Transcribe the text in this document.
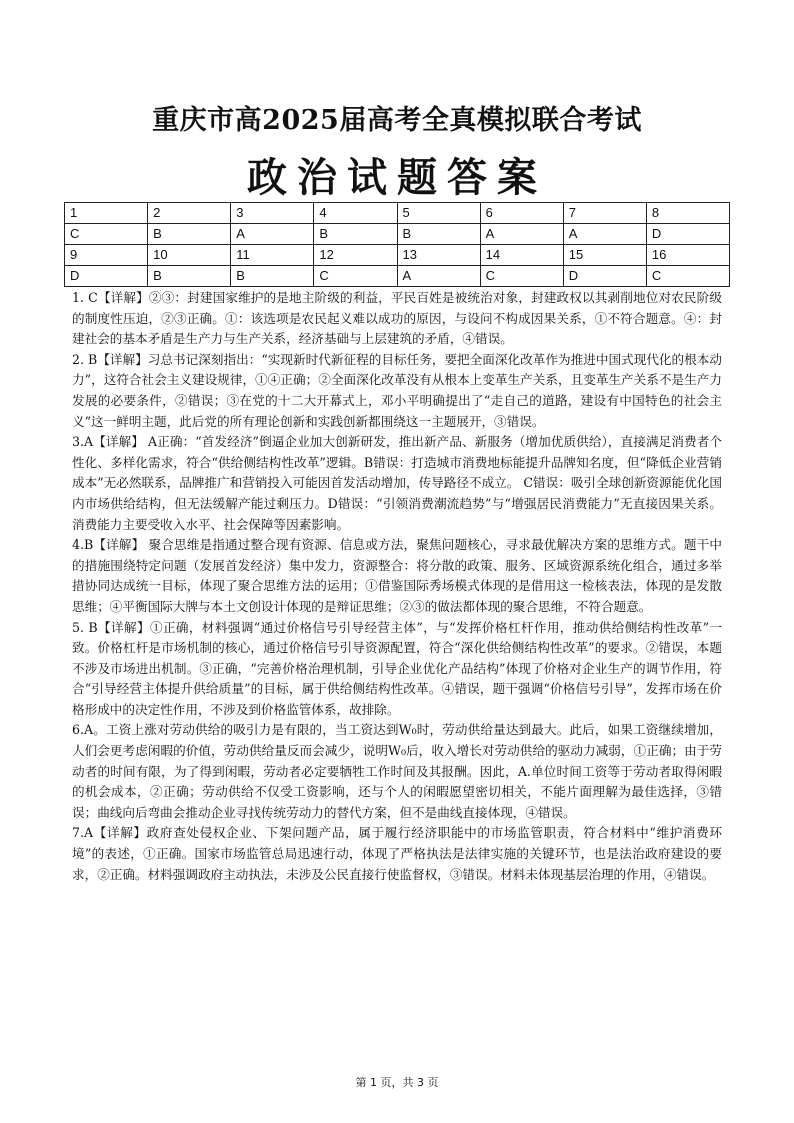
重庆市高2025届高考全真模拟联合考试
政治试题答案
1	2	3	4	5	6	7	8
C	B	A	B	B	A	A	D
9	10	11	12	13	14	15	16
D	B	B	C	A	C	D	C

1. C【详解】②③：封建国家维护的是地主阶级的利益，平民百姓是被统治对象，封建政权以其剥削地位对农民阶级的制度性压迫，②③正确。①：该选项是农民起义难以成功的原因，与设问不构成因果关系，①不符合题意。④：封建社会的基本矛盾是生产力与生产关系，经济基础与上层建筑的矛盾，④错误。

2. B【详解】习总书记深刻指出：“实现新时代新征程的目标任务，要把全面深化改革作为推进中国式现代化的根本动力”，这符合社会主义建设规律，①④正确；②全面深化改革没有从根本上变革生产关系，且变革生产关系不是生产力发展的必要条件，②错误；③在党的十二大开幕式上，邓小平明确提出了“走自己的道路，建设有中国特色的社会主义”这一鲜明主题，此后党的所有理论创新和实践创新都围绕这一主题展开，③错误。

3.A【详解】 A正确：“首发经济”倒逼企业加大创新研发，推出新产品、新服务（增加优质供给），直接满足消费者个性化、多样化需求，符合“供给侧结构性改革”逻辑。B错误：打造城市消费地标能提升品牌知名度，但“降低企业营销成本”无必然联系，品牌推广和营销投入可能因首发活动增加，传导路径不成立。 C错误：吸引全球创新资源能优化国内市场供给结构，但无法缓解产能过剩压力。D错误：“引领消费潮流趋势”与“增强居民消费能力”无直接因果关系。消费能力主要受收入水平、社会保障等因素影响。

4.B【详解】 聚合思维是指通过整合现有资源、信息或方法，聚焦问题核心，寻求最优解决方案的思维方式。题干中的措施围绕特定问题（发展首发经济）集中发力，资源整合：将分散的政策、服务、区域资源系统化组合，通过多举措协同达成统一目标，体现了聚合思维方法的运用；①借鉴国际秀场模式体现的是借用这一检核表法，体现的是发散思维；④平衡国际大牌与本土文创设计体现的是辩证思维；②③的做法都体现的聚合思维，不符合题意。

5. B【详解】①正确，材料强调“通过价格信号引导经营主体”，与“发挥价格杠杆作用，推动供给侧结构性改革”一致。价格杠杆是市场机制的核心，通过价格信号引导资源配置，符合“深化供给侧结构性改革”的要求。②错误，本题不涉及市场进出机制。③正确，“完善价格治理机制，引导企业优化产品结构”体现了价格对企业生产的调节作用，符合“引导经营主体提升供给质量”的目标，属于供给侧结构性改革。④错误，题干强调“价格信号引导”，发挥市场在价格形成中的决定性作用，不涉及到价格监管体系，故排除。

6.A。工资上涨对劳动供给的吸引力是有限的，当工资达到W₀时，劳动供给量达到最大。此后，如果工资继续增加，人们会更考虑闲暇的价值，劳动供给量反而会减少，说明W₀后，收入增长对劳动供给的驱动力减弱，①正确；由于劳动者的时间有限，为了得到闲暇，劳动者必定要牺牲工作时间及其报酬。因此，A.单位时间工资等于劳动者取得闲暇的机会成本，②正确；劳动供给不仅受工资影响，还与个人的闲暇愿望密切相关，不能片面理解为最佳选择，③错误；曲线向后弯曲会推动企业寻找传统劳动力的替代方案，但不是曲线直接体现，④错误。

7.A【详解】政府查处侵权企业、下架问题产品，属于履行经济职能中的市场监管职责，符合材料中“维护消费环境”的表述，①正确。国家市场监管总局迅速行动，体现了严格执法是法律实施的关键环节，也是法治政府建设的要求，②正确。材料强调政府主动执法，未涉及公民直接行使监督权，③错误。材料未体现基层治理的作用，④错误。

第 1 页，共 3 页
